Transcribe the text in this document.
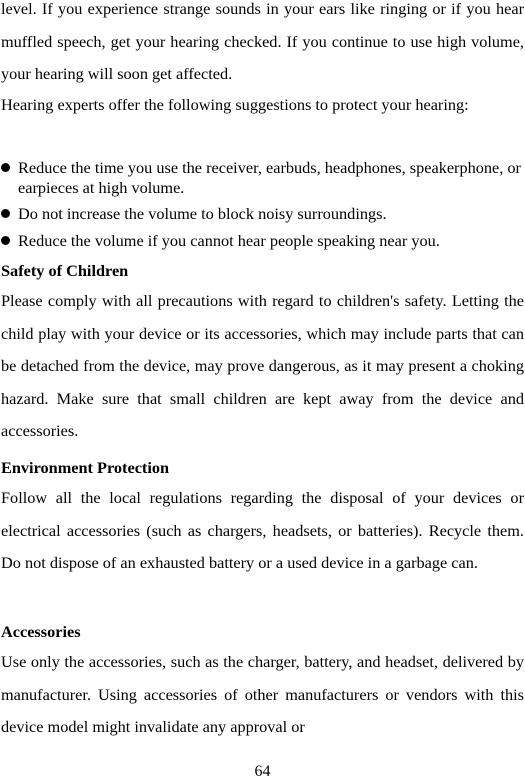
level. If you experience strange sounds in your ears like ringing or if you hear muffled speech, get your hearing checked. If you continue to use high volume, your hearing will soon get affected.

Hearing experts offer the following suggestions to protect your hearing:

Reduce the time you use the receiver, earbuds, headphones, speakerphone, or earpieces at high volume.

Do not increase the volume to block noisy surroundings.

Reduce the volume if you cannot hear people speaking near you.

Safety of Children

Please comply with all precautions with regard to children's safety. Letting the child play with your device or its accessories, which may include parts that can be detached from the device, may prove dangerous, as it may present a choking hazard. Make sure that small children are kept away from the device and accessories.

Environment Protection

Follow all the local regulations regarding the disposal of your devices or electrical accessories (such as chargers, headsets, or batteries). Recycle them. Do not dispose of an exhausted battery or a used device in a garbage can.

Accessories

Use only the accessories, such as the charger, battery, and headset, delivered by manufacturer. Using accessories of other manufacturers or vendors with this device model might invalidate any approval or

64
